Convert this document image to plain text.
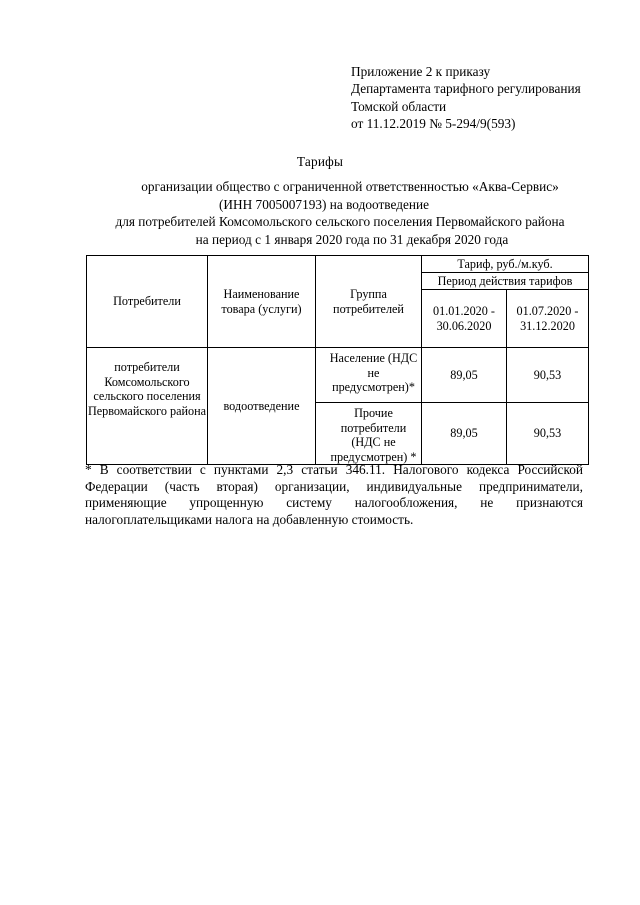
Приложение 2 к приказу
Департамента тарифного регулирования
Томской области
от 11.12.2019 № 5-294/9(593)
Тарифы
организации общество с ограниченной ответственностью «Аква-Сервис»
(ИНН 7005007193) на водоотведение
для потребителей Комсомольского сельского поселения Первомайского района
на период с 1 января 2020 года по 31 декабря 2020 года
Потребители	Наименование товара (услуги)	Группа потребителей	Тариф, руб./м.куб.	
			Период действия тарифов	
			01.01.2020 - 30.06.2020	01.07.2020 - 31.12.2020
потребители Комсомольского сельского поселения Первомайского района	водоотведение	Население (НДС не предусмотрен)*	89,05	90,53
		Прочие потребители (НДС не предусмотрен) *	89,05	90,53
* В соответствии с пунктами 2,3 статьи 346.11. Налогового кодекса Российской
Федерации (часть вторая) организации, индивидуальные предприниматели,
применяющие упрощенную систему налогообложения, не признаются
налогоплательщиками налога на добавленную стоимость.
